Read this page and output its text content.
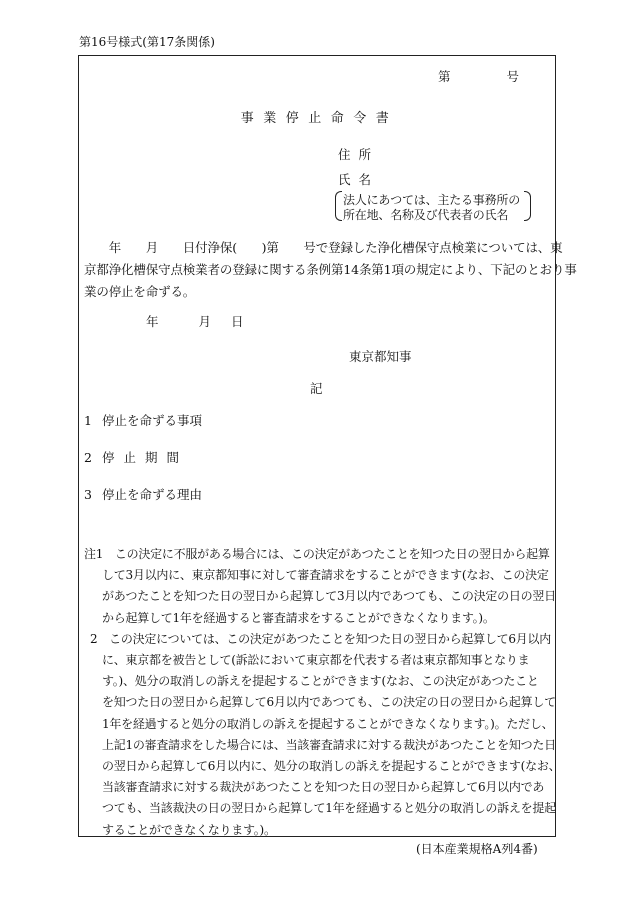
第16号様式(第17条関係)
第	号
事業停止命令書
住所
氏名
法人にあつては、主たる事務所の
所在地、名称及び代表者の氏名
　　年　　月　　日付浄保(　　)第　　号で登録した浄化槽保守点検業については、東
京都浄化槽保守点検業者の登録に関する条例第14条第1項の規定により、下記のとおり事
業の停止を命ずる。
年	月 日
東京都知事
記
1 停止を命ずる事項
2 停止期間
3 停止を命ずる理由
注1　この決定に不服がある場合には、この決定があつたことを知つた日の翌日から起算
して3月以内に、東京都知事に対して審査請求をすることができます(なお、この決定
があつたことを知つた日の翌日から起算して3月以内であつても、この決定の日の翌日
から起算して1年を経過すると審査請求をすることができなくなります。)。
2　この決定については、この決定があつたことを知つた日の翌日から起算して6月以内
に、東京都を被告として(訴訟において東京都を代表する者は東京都知事となりま
す。)、処分の取消しの訴えを提起することができます(なお、この決定があつたこと
を知つた日の翌日から起算して6月以内であつても、この決定の日の翌日から起算して
1年を経過すると処分の取消しの訴えを提起することができなくなります。)。ただし、
上記1の審査請求をした場合には、当該審査請求に対する裁決があつたことを知つた日
の翌日から起算して6月以内に、処分の取消しの訴えを提起することができます(なお、
当該審査請求に対する裁決があつたことを知つた日の翌日から起算して6月以内であ
つても、当該裁決の日の翌日から起算して1年を経過すると処分の取消しの訴えを提起
することができなくなります。)。
(日本産業規格A列4番)
